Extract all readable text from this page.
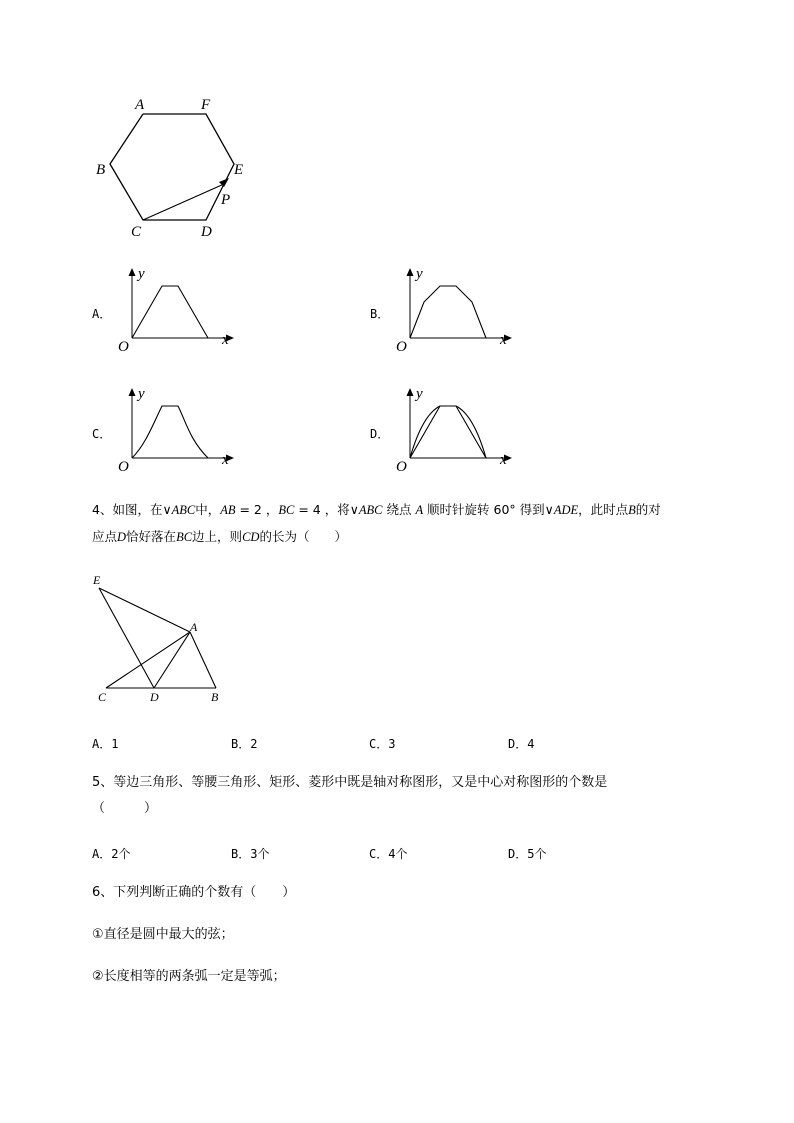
A	F
B	E
P
C	D
A．
y
x
O
B．
y
x
O
C．
y
x
O
D．
y
x
O
4、如图，在∨ABC中，AB = 2 ，BC = 4 ，将∨ABC 绕点 A 顺时针旋转 60° 得到∨ADE，此时点B的对
应点D恰好落在BC边上，则CD的长为（　　）
E
A
C	D	B
A．1	B．2	C．3	D．4
5、等边三角形、等腰三角形、矩形、菱形中既是轴对称图形，又是中心对称图形的个数是
（　　　）
A．2个	B．3个	C．4个	D．5个
6、下列判断正确的个数有（　　）
①直径是圆中最大的弦；
②长度相等的两条弧一定是等弧；
